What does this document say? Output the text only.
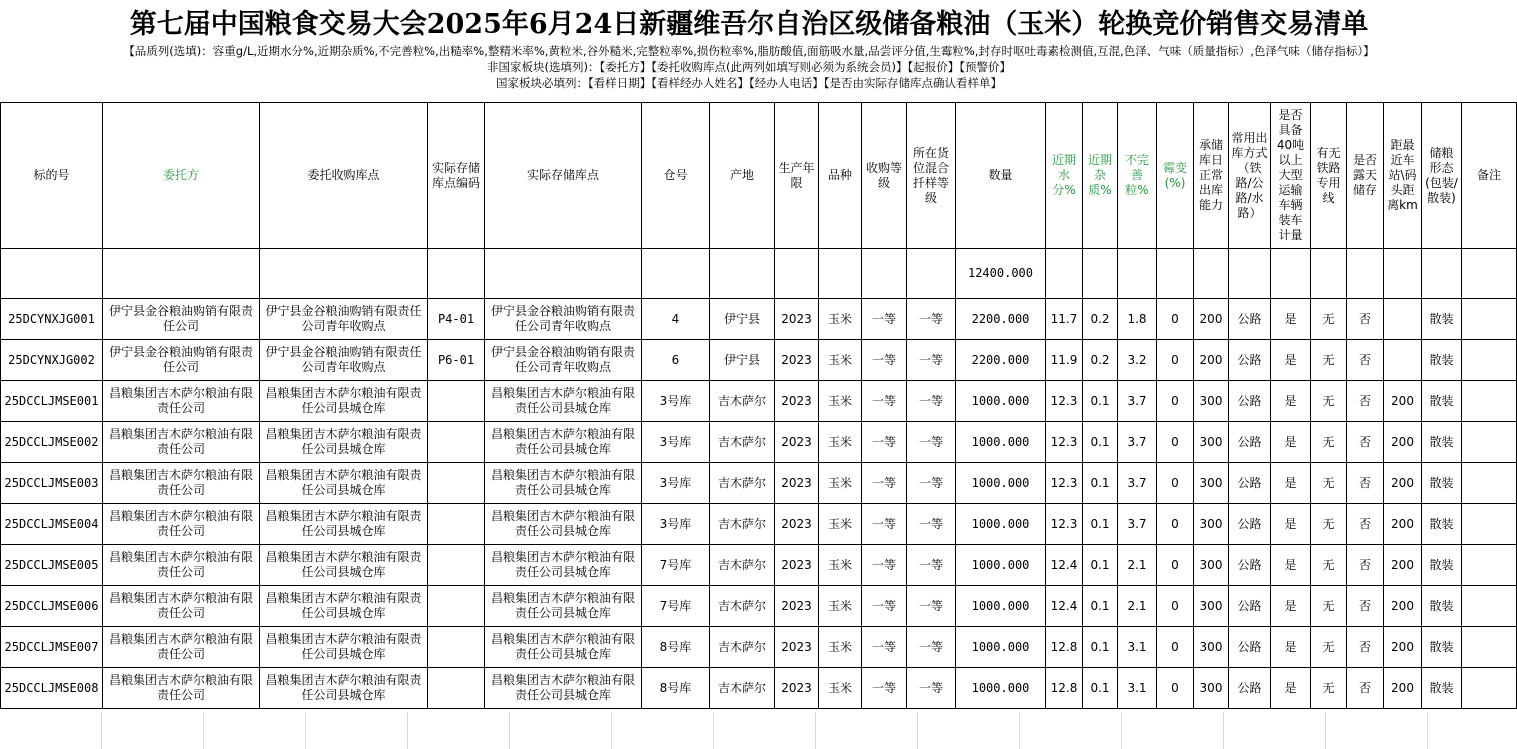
第七届中国粮食交易大会2025年6月24日新疆维吾尔自治区级储备粮油（玉米）轮换竞价销售交易清单
【品质列(选填)：容重g/L,近期水分%,近期杂质%,不完善粒%,出糙率%,整精米率%,黄粒米,谷外糙米,完整粒率%,损伤粒率%,脂肪酸值,面筋吸水量,品尝评分值,生霉粒%,封存时呕吐毒素检测值,互混,色泽、气味（质量指标）,色泽气味（储存指标）】
非国家板块(选填列)：【委托方】【委托收购库点(此两列如填写则必须为系统会员)】【起报价】【预警价】
国家板块必填列：【看样日期】【看样经办人姓名】【经办人电话】【是否由实际存储库点确认看样单】
标的号	委托方	委托收购库点	实际存储库点编码	实际存储库点	仓号	产地	生产年限	品种	收购等级	所在货位混合扦样等级	数量	近期水分%	近期杂质%	不完善粒%	霉变(%)	承储库日正常出库能力	常用出库方式（铁路/公路/水路）	是否具备40吨以上大型运输车辆装车计量	有无铁路专用线	是否露天储存	距最近车站\码头距离km	储粮形态(包装/散装)	备注
											12400.000												
25DCYNXJG001	伊宁县金谷粮油购销有限责任公司	伊宁县金谷粮油购销有限责任公司青年收购点	P4-01	伊宁县金谷粮油购销有限责任公司青年收购点	4	伊宁县	2023	玉米	一等	一等	2200.000	11.7	0.2	1.8	0	200	公路	是	无	否		散装	
25DCYNXJG002	伊宁县金谷粮油购销有限责任公司	伊宁县金谷粮油购销有限责任公司青年收购点	P6-01	伊宁县金谷粮油购销有限责任公司青年收购点	6	伊宁县	2023	玉米	一等	一等	2200.000	11.9	0.2	3.2	0	200	公路	是	无	否		散装	
25DCCLJMSE001	昌粮集团吉木萨尔粮油有限责任公司	昌粮集团吉木萨尔粮油有限责任公司县城仓库		昌粮集团吉木萨尔粮油有限责任公司县城仓库	3号库	吉木萨尔	2023	玉米	一等	一等	1000.000	12.3	0.1	3.7	0	300	公路	是	无	否	200	散装	
25DCCLJMSE002	昌粮集团吉木萨尔粮油有限责任公司	昌粮集团吉木萨尔粮油有限责任公司县城仓库		昌粮集团吉木萨尔粮油有限责任公司县城仓库	3号库	吉木萨尔	2023	玉米	一等	一等	1000.000	12.3	0.1	3.7	0	300	公路	是	无	否	200	散装	
25DCCLJMSE003	昌粮集团吉木萨尔粮油有限责任公司	昌粮集团吉木萨尔粮油有限责任公司县城仓库		昌粮集团吉木萨尔粮油有限责任公司县城仓库	3号库	吉木萨尔	2023	玉米	一等	一等	1000.000	12.3	0.1	3.7	0	300	公路	是	无	否	200	散装	
25DCCLJMSE004	昌粮集团吉木萨尔粮油有限责任公司	昌粮集团吉木萨尔粮油有限责任公司县城仓库		昌粮集团吉木萨尔粮油有限责任公司县城仓库	3号库	吉木萨尔	2023	玉米	一等	一等	1000.000	12.3	0.1	3.7	0	300	公路	是	无	否	200	散装	
25DCCLJMSE005	昌粮集团吉木萨尔粮油有限责任公司	昌粮集团吉木萨尔粮油有限责任公司县城仓库		昌粮集团吉木萨尔粮油有限责任公司县城仓库	7号库	吉木萨尔	2023	玉米	一等	一等	1000.000	12.4	0.1	2.1	0	300	公路	是	无	否	200	散装	
25DCCLJMSE006	昌粮集团吉木萨尔粮油有限责任公司	昌粮集团吉木萨尔粮油有限责任公司县城仓库		昌粮集团吉木萨尔粮油有限责任公司县城仓库	7号库	吉木萨尔	2023	玉米	一等	一等	1000.000	12.4	0.1	2.1	0	300	公路	是	无	否	200	散装	
25DCCLJMSE007	昌粮集团吉木萨尔粮油有限责任公司	昌粮集团吉木萨尔粮油有限责任公司县城仓库		昌粮集团吉木萨尔粮油有限责任公司县城仓库	8号库	吉木萨尔	2023	玉米	一等	一等	1000.000	12.8	0.1	3.1	0	300	公路	是	无	否	200	散装	
25DCCLJMSE008	昌粮集团吉木萨尔粮油有限责任公司	昌粮集团吉木萨尔粮油有限责任公司县城仓库		昌粮集团吉木萨尔粮油有限责任公司县城仓库	8号库	吉木萨尔	2023	玉米	一等	一等	1000.000	12.8	0.1	3.1	0	300	公路	是	无	否	200	散装	
